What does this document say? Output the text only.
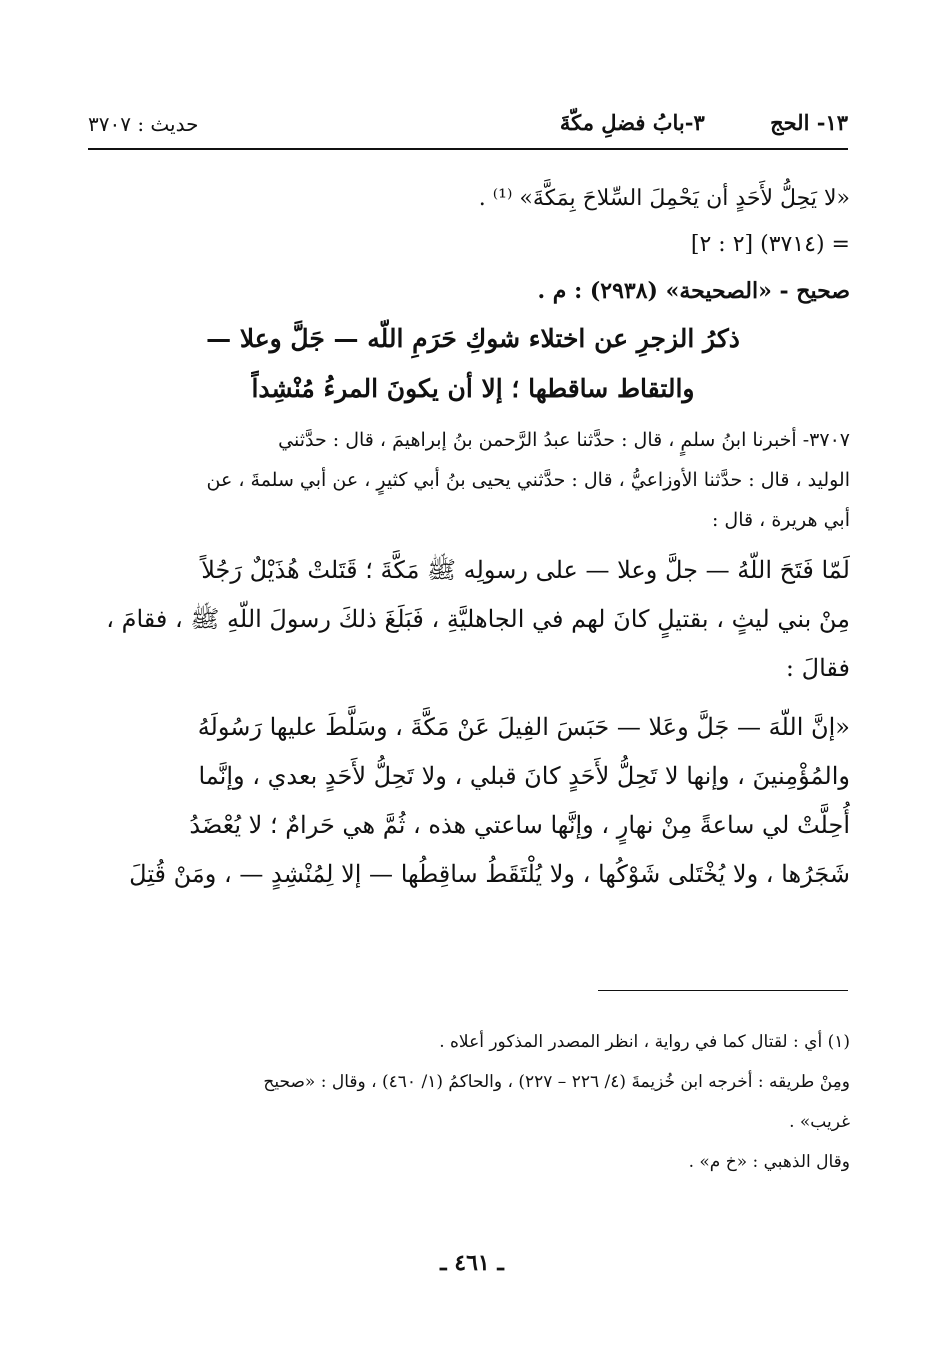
١٣- الحج ٣-بابُ فضلِ مكّةَ
حديث : ٣٧٠٧
«لا يَحِلُّ لأَحَدٍ أن يَحْمِلَ السِّلاحَ بِمَكَّةَ» ⁽¹⁾ .
= (٣٧١٤) [٢ : ٢]
صحيح - «الصحيحة» (٢٩٣٨) : م .
ذكرُ الزجرِ عن اختلاء شوكِ حَرَمِ اللّه — جَلَّ وعلا —
والتقاط ساقطها ؛ إلا أن يكونَ المرءُ مُنْشِداً
٣٧٠٧- أخبرنا ابنُ سلمٍ ، قال : حدَّثنا عبدُ الرَّحمن بنُ إبراهيمَ ، قال : حدَّثني
الوليد ، قال : حدَّثنا الأوزاعيُّ ، قال : حدَّثني يحيى بنُ أبي كثيرٍ ، عن أبي سلمةَ ، عن
أبي هريرة ، قال :
لَمّا فَتَحَ اللّهُ — جلَّ وعلا — على رسولِه ﷺ مَكَّةَ ؛ قَتَلتْ هُذَيْلٌ رَجُلاً
مِنْ بني ليثٍ ، بقتيلٍ كانَ لهم في الجاهليَّةِ ، فَبَلَغَ ذلكَ رسولَ اللّهِ ﷺ ، فقامَ ،
فقالَ :
«إنَّ اللّهَ — جَلَّ وعَلا — حَبَسَ الفِيلَ عَنْ مَكَّةَ ، وسَلَّطَ عليها رَسُولَهُ
والمُؤْمِنينَ ، وإنها لا تَحِلُّ لأَحَدٍ كانَ قبلي ، ولا تَحِلُّ لأَحَدٍ بعدي ، وإنَّما
أُحِلَّتْ لي ساعةً مِنْ نهارٍ ، وإنَّها ساعتي هذه ، ثُمَّ هي حَرامٌ ؛ لا يُعْضَدُ
شَجَرُها ، ولا يُخْتَلى شَوْكُها ، ولا يُلْتَقَطُ ساقِطُها — إلا لِمُنْشِدٍ — ، ومَنْ قُتِلَ
(١) أي : لقتال كما في رواية ، انظر المصدر المذكور أعلاه .
ومِنْ طريقه : أخرجه ابن خُزيمةَ (٤/ ٢٢٦ – ٢٢٧) ، والحاكمُ (١/ ٤٦٠) ، وقال : «صحيح
غريب» .
وقال الذهبي : «خ م» .
ـ ٤٦١ ـ
